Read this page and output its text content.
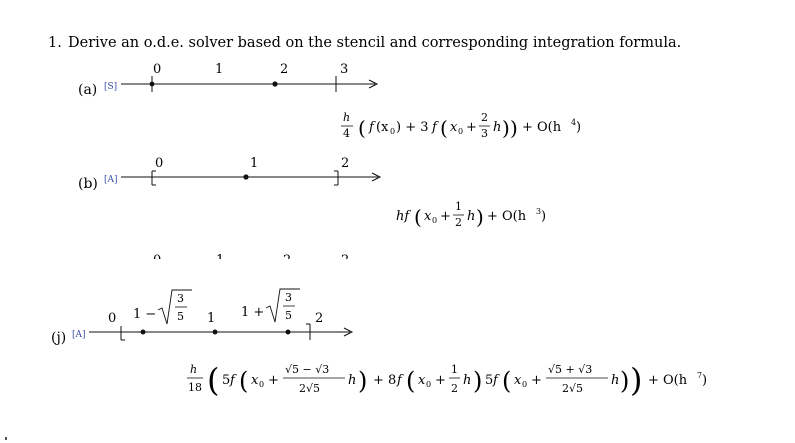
1. Derive an o.d.e. solver based on the stencil and corresponding integration formula.
(a) [S]
0	1	2	3
h
4 ( f (x 0 ) + 3 f ( x 0 +
2
3 h ) ) + O(h 4 )
(b) [A]
0	1	2
hf ( x 0 +
1
2 h ) + O(h 3 )
0	1	2	2
(j) [A]
0 1 −
3
5 1 1 +
3
5 2
h
18 ( 5 f ( x 0 +
√5 − √3
2√5
h ) + 8 f ( x 0 +
1
2
h ) 5 f ( x 0 +
√5 + √3
2√5
h ) ) + O(h 7 )
